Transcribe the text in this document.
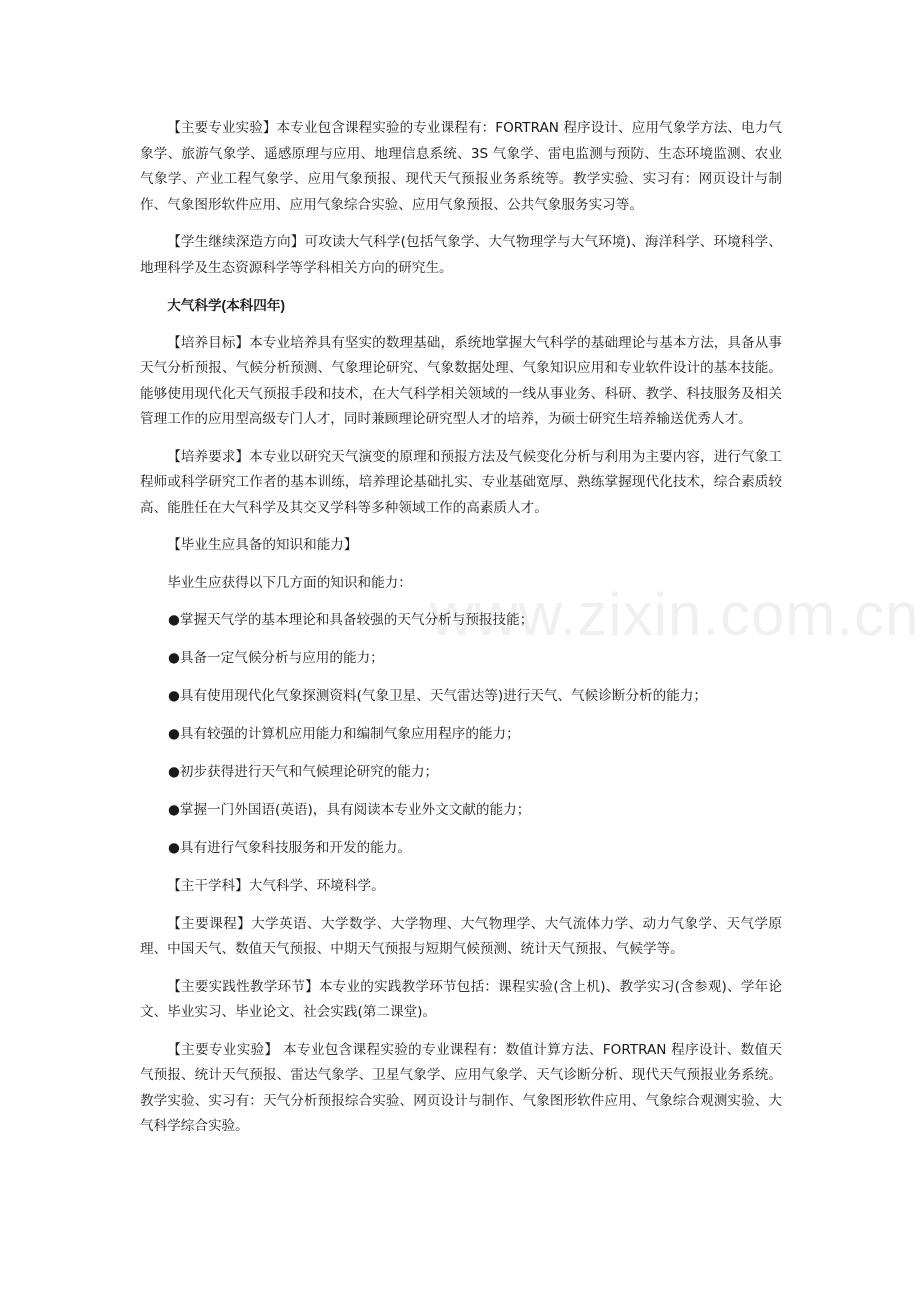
www.zixin.com.cn

【主要专业实验】本专业包含课程实验的专业课程有：FORTRAN 程序设计、应用气象学方法、电力气象学、旅游气象学、遥感原理与应用、地理信息系统、3S 气象学、雷电监测与预防、生态环境监测、农业气象学、产业工程气象学、应用气象预报、现代天气预报业务系统等。教学实验、实习有：网页设计与制作、气象图形软件应用、应用气象综合实验、应用气象预报、公共气象服务实习等。

【学生继续深造方向】可攻读大气科学(包括气象学、大气物理学与大气环境)、海洋科学、环境科学、地理科学及生态资源科学等学科相关方向的研究生。

大气科学(本科四年)

【培养目标】本专业培养具有坚实的数理基础，系统地掌握大气科学的基础理论与基本方法，具备从事天气分析预报、气候分析预测、气象理论研究、气象数据处理、气象知识应用和专业软件设计的基本技能。能够使用现代化天气预报手段和技术，在大气科学相关领域的一线从事业务、科研、教学、科技服务及相关管理工作的应用型高级专门人才，同时兼顾理论研究型人才的培养，为硕士研究生培养输送优秀人才。

【培养要求】本专业以研究天气演变的原理和预报方法及气候变化分析与利用为主要内容，进行气象工程师或科学研究工作者的基本训练，培养理论基础扎实、专业基础宽厚、熟练掌握现代化技术，综合素质较高、能胜任在大气科学及其交叉学科等多种领域工作的高素质人才。

【毕业生应具备的知识和能力】

毕业生应获得以下几方面的知识和能力：

●掌握天气学的基本理论和具备较强的天气分析与预报技能；

●具备一定气候分析与应用的能力；

●具有使用现代化气象探测资料(气象卫星、天气雷达等)进行天气、气候诊断分析的能力；

●具有较强的计算机应用能力和编制气象应用程序的能力；

●初步获得进行天气和气候理论研究的能力；

●掌握一门外国语(英语)，具有阅读本专业外文文献的能力；

●具有进行气象科技服务和开发的能力。

【主干学科】大气科学、环境科学。

【主要课程】大学英语、大学数学、大学物理、大气物理学、大气流体力学、动力气象学、天气学原理、中国天气、数值天气预报、中期天气预报与短期气候预测、统计天气预报、气候学等。

【主要实践性教学环节】本专业的实践教学环节包括：课程实验(含上机)、教学实习(含参观)、学年论文、毕业实习、毕业论文、社会实践(第二课堂)。

【主要专业实验】 本专业包含课程实验的专业课程有：数值计算方法、FORTRAN 程序设计、数值天气预报、统计天气预报、雷达气象学、卫星气象学、应用气象学、天气诊断分析、现代天气预报业务系统。教学实验、实习有：天气分析预报综合实验、网页设计与制作、气象图形软件应用、气象综合观测实验、大气科学综合实验。
